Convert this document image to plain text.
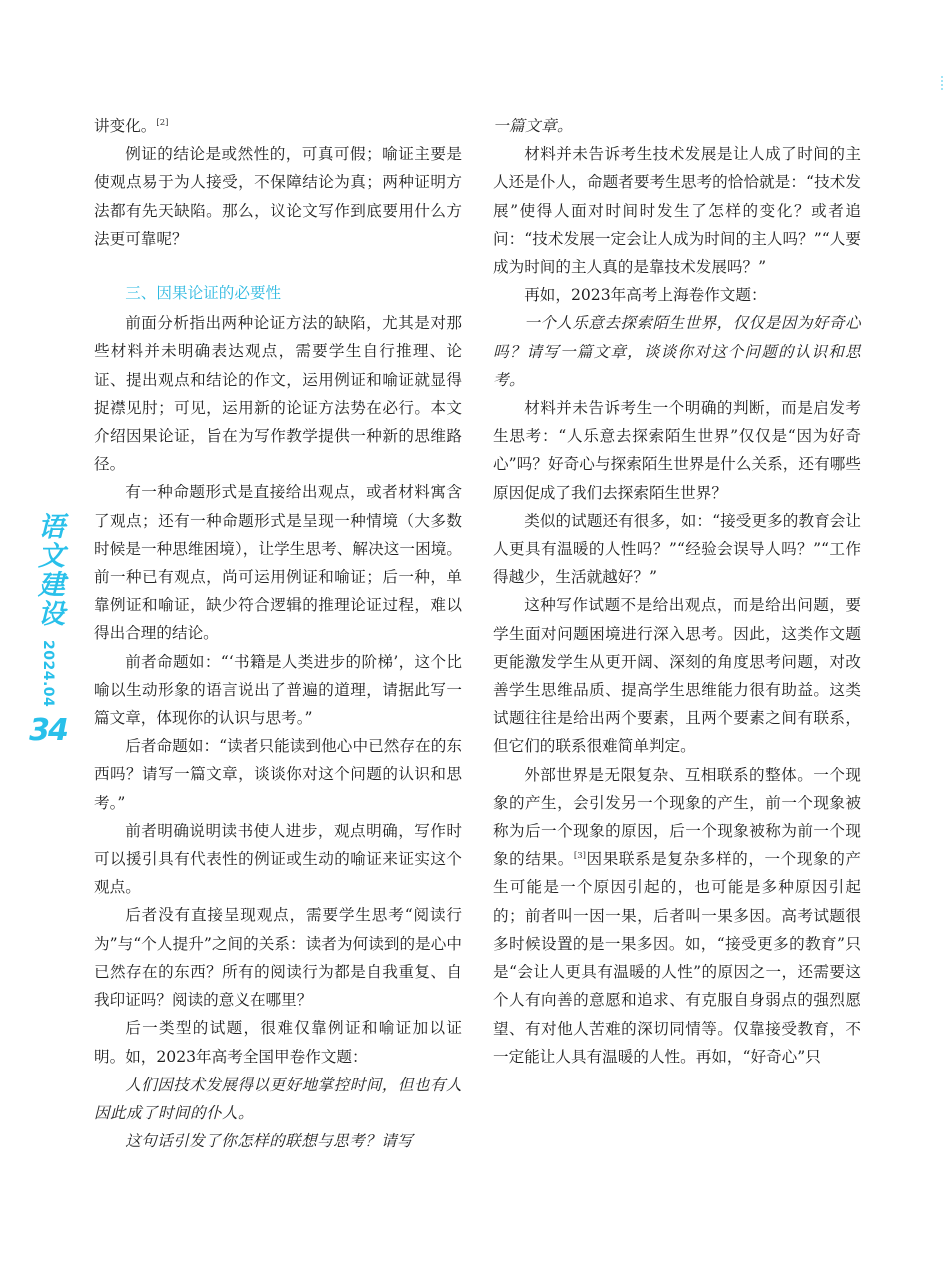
语文建设
2024.04
34

讲变化。[2]

例证的结论是或然性的，可真可假；喻证主要是使观点易于为人接受，不保障结论为真；两种证明方法都有先天缺陷。那么，议论文写作到底要用什么方法更可靠呢？

三、因果论证的必要性

前面分析指出两种论证方法的缺陷，尤其是对那些材料并未明确表达观点，需要学生自行推理、论证、提出观点和结论的作文，运用例证和喻证就显得捉襟见肘；可见，运用新的论证方法势在必行。本文介绍因果论证，旨在为写作教学提供一种新的思维路径。

有一种命题形式是直接给出观点，或者材料寓含了观点；还有一种命题形式是呈现一种情境（大多数时候是一种思维困境），让学生思考、解决这一困境。前一种已有观点，尚可运用例证和喻证；后一种，单靠例证和喻证，缺少符合逻辑的推理论证过程，难以得出合理的结论。

前者命题如：“‘书籍是人类进步的阶梯’，这个比喻以生动形象的语言说出了普遍的道理，请据此写一篇文章，体现你的认识与思考。”

后者命题如：“读者只能读到他心中已然存在的东西吗？请写一篇文章，谈谈你对这个问题的认识和思考。”

前者明确说明读书使人进步，观点明确，写作时可以援引具有代表性的例证或生动的喻证来证实这个观点。

后者没有直接呈现观点，需要学生思考“阅读行为”与“个人提升”之间的关系：读者为何读到的是心中已然存在的东西？所有的阅读行为都是自我重复、自我印证吗？阅读的意义在哪里？

后一类型的试题，很难仅靠例证和喻证加以证明。如，2023年高考全国甲卷作文题：

人们因技术发展得以更好地掌控时间，但也有人因此成了时间的仆人。

这句话引发了你怎样的联想与思考？请写

一篇文章。

材料并未告诉考生技术发展是让人成了时间的主人还是仆人，命题者要考生思考的恰恰就是：“技术发展”使得人面对时间时发生了怎样的变化？或者追问：“技术发展一定会让人成为时间的主人吗？”“人要成为时间的主人真的是靠技术发展吗？”

再如，2023年高考上海卷作文题：

一个人乐意去探索陌生世界，仅仅是因为好奇心吗？请写一篇文章，谈谈你对这个问题的认识和思考。

材料并未告诉考生一个明确的判断，而是启发考生思考：“人乐意去探索陌生世界”仅仅是“因为好奇心”吗？好奇心与探索陌生世界是什么关系，还有哪些原因促成了我们去探索陌生世界？

类似的试题还有很多，如：“接受更多的教育会让人更具有温暖的人性吗？”“经验会误导人吗？”“工作得越少，生活就越好？”

这种写作试题不是给出观点，而是给出问题，要学生面对问题困境进行深入思考。因此，这类作文题更能激发学生从更开阔、深刻的角度思考问题，对改善学生思维品质、提高学生思维能力很有助益。这类试题往往是给出两个要素，且两个要素之间有联系，但它们的联系很难简单判定。

外部世界是无限复杂、互相联系的整体。一个现象的产生，会引发另一个现象的产生，前一个现象被称为后一个现象的原因，后一个现象被称为前一个现象的结果。[3]因果联系是复杂多样的，一个现象的产生可能是一个原因引起的，也可能是多种原因引起的；前者叫一因一果，后者叫一果多因。高考试题很多时候设置的是一果多因。如，“接受更多的教育”只是“会让人更具有温暖的人性”的原因之一，还需要这个人有向善的意愿和追求、有克服自身弱点的强烈愿望、有对他人苦难的深切同情等。仅靠接受教育，不一定能让人具有温暖的人性。再如，“好奇心”只
